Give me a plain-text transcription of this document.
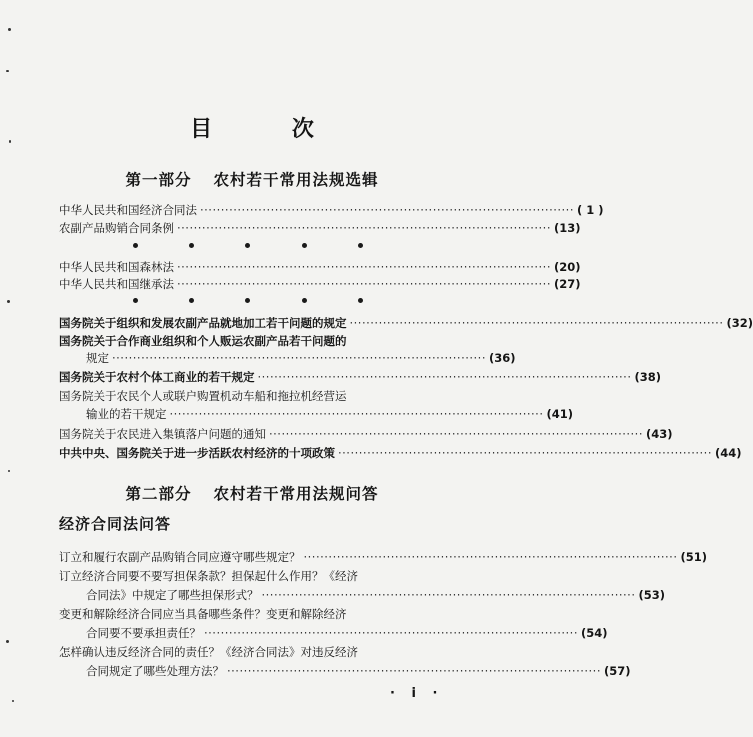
目 次
第一部分 农村若干常用法规选辑
中华人民共和国经济合同法 ·························································································· ( 1 )
农副产品购销合同条例 ·························································································· (13)
中华人民共和国森林法 ·························································································· (20)
中华人民共和国继承法 ·························································································· (27)
国务院关于组织和发展农副产品就地加工若干问题的规定 ·························································································· (32)
国务院关于合作商业组织和个人贩运农副产品若干问题的
规定 ·························································································· (36)
国务院关于农村个体工商业的若干规定 ·························································································· (38)
国务院关于农民个人或联户购置机动车船和拖拉机经营运
输业的若干规定 ·························································································· (41)
国务院关于农民进入集镇落户问题的通知 ·························································································· (43)
中共中央、国务院关于进一步活跃农村经济的十项政策 ·························································································· (44)
第二部分 农村若干常用法规问答
经济合同法问答
订立和履行农副产品购销合同应遵守哪些规定？ ·························································································· (51)
订立经济合同要不要写担保条款？担保起什么作用？《经济
合同法》中规定了哪些担保形式？ ·························································································· (53)
变更和解除经济合同应当具备哪些条件？变更和解除经济
合同要不要承担责任？ ·························································································· (54)
怎样确认违反经济合同的责任？《经济合同法》对违反经济
合同规定了哪些处理方法？ ·························································································· (57)
· i ·
